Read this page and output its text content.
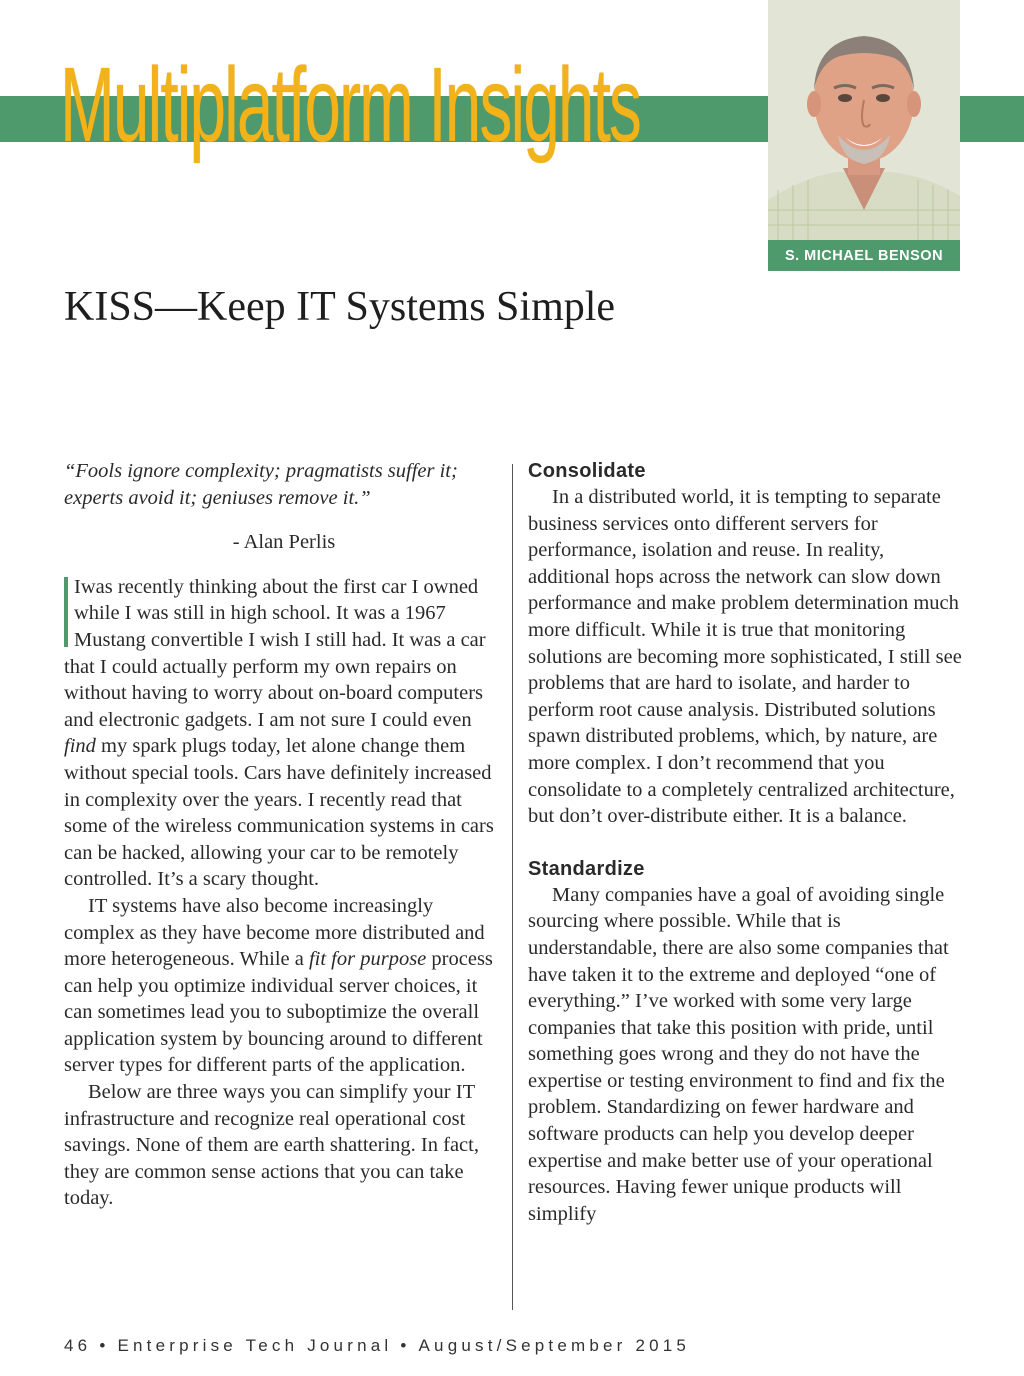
Multiplatform Insights
S. MICHAEL BENSON
KISS—Keep IT Systems Simple

“Fools ignore complexity; pragmatists suffer it; experts avoid it; geniuses remove it.”

- Alan Perlis

Iwas recently thinking about the first car I owned while I was still in high school. It was a 1967 Mustang convertible I wish I still had. It was a car that I could actually perform my own repairs on without having to worry about on-board computers and electronic gadgets. I am not sure I could even find my spark plugs today, let alone change them without special tools. Cars have definitely increased in complexity over the years. I recently read that some of the wireless communication systems in cars can be hacked, allowing your car to be remotely controlled. It’s a scary thought.

IT systems have also become increasingly complex as they have become more distributed and more heterogeneous. While a fit for purpose process can help you optimize individual server choices, it can sometimes lead you to suboptimize the overall application system by bouncing around to different server types for different parts of the application.

Below are three ways you can simplify your IT infrastructure and recognize real operational cost savings. None of them are earth shattering. In fact, they are common sense actions that you can take today.

Consolidate

In a distributed world, it is tempting to separate business services onto different servers for performance, isolation and reuse. In reality, additional hops across the network can slow down performance and make problem determination much more difficult. While it is true that monitoring solutions are becoming more sophisticated, I still see problems that are hard to isolate, and harder to perform root cause analysis. Distributed solutions spawn distributed problems, which, by nature, are more complex. I don’t recommend that you consolidate to a completely centralized architecture, but don’t over-distribute either. It is a balance.

Standardize

Many companies have a goal of avoiding single sourcing where possible. While that is understandable, there are also some companies that have taken it to the extreme and deployed “one of everything.” I’ve worked with some very large companies that take this position with pride, until something goes wrong and they do not have the expertise or testing environment to find and fix the problem. Standardizing on fewer hardware and software products can help you develop deeper expertise and make better use of your operational resources. Having fewer unique products will simplify

46 • Enterprise Tech Journal • August/September 2015
